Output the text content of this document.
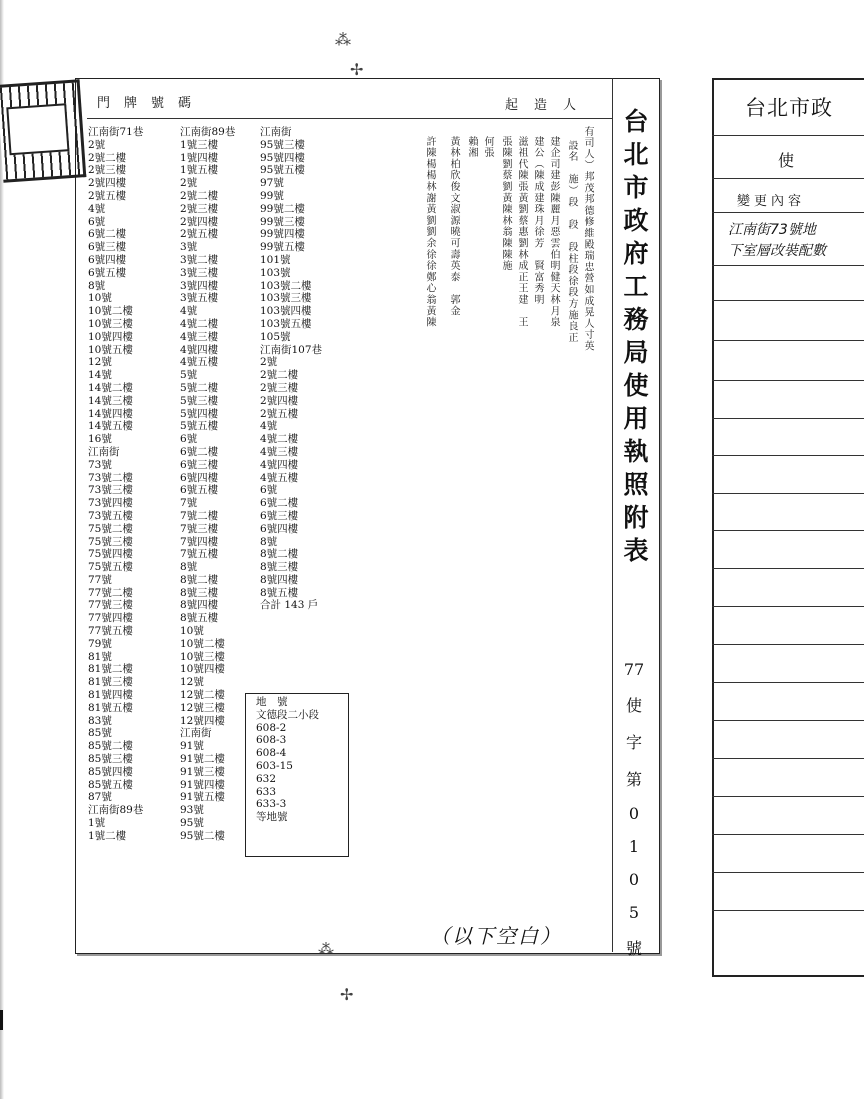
⁂
✢
⁂
✢
門牌號碼	起造人
江南街71巷
2號
2號二樓
2號三樓
2號四樓
2號五樓
4號
6號
6號二樓
6號三樓
6號四樓
6號五樓
8號
10號
10號二樓
10號三樓
10號四樓
10號五樓
12號
14號
14號二樓
14號三樓
14號四樓
14號五樓
16號
江南街
73號
73號二樓
73號三樓
73號四樓
73號五樓
75號二樓
75號三樓
75號四樓
75號五樓
77號
77號二樓
77號三樓
77號四樓
77號五樓
79號
81號
81號二樓
81號三樓
81號四樓
81號五樓
83號
85號
85號二樓
85號三樓
85號四樓
85號五樓
87號
江南街89巷
1號
1號二樓
江南街89巷
1號三樓
1號四樓
1號五樓
2號
2號二樓
2號三樓
2號四樓
2號五樓
3號
3號二樓
3號三樓
3號四樓
3號五樓
4號
4號二樓
4號三樓
4號四樓
4號五樓
5號
5號二樓
5號三樓
5號四樓
5號五樓
6號
6號二樓
6號三樓
6號四樓
6號五樓
7號
7號二樓
7號三樓
7號四樓
7號五樓
8號
8號二樓
8號三樓
8號四樓
8號五樓
10號
10號二樓
10號三樓
10號四樓
12號
12號二樓
12號三樓
12號四樓
江南街
91號
91號二樓
91號三樓
91號四樓
91號五樓
93號
95號
95號二樓
江南街
95號三樓
95號四樓
95號五樓
97號
99號
99號二樓
99號三樓
99號四樓
99號五樓
101號
103號
103號二樓
103號三樓
103號四樓
103號五樓
105號
江南街107巷
2號
2號二樓
2號三樓
2號四樓
2號五樓
4號
4號二樓
4號三樓
4號四樓
4號五樓
6號
6號二樓
6號三樓
6號四樓
8號
8號二樓
8號三樓
8號四樓
8號五樓
合計 143 戶
地　號
文德段二小段
608-2
608-3
608-4
603-15
632
633
633-3
等地號
有司人）邦茂邦德修維殿瑞忠營如成晃人寸英
設名　施）段　段　段柱段徐段方施良正
建企司建彭陳麗月惡雲伯明健天林月泉
建公（陳成建珠月徐芳　賢富秀明
滋祖代陳張黃劉蔡惠劉林成正王建　王
張陳劉蔡劉黃陳林翁陳陳施
何張
賴湘
黃林柏欣俊文淑源曉可壽英泰　郭金
許陳楊楊林謝黃劉劉余徐徐鄭心翁黃陳	台北市政府工務局使用執照附表
77
使
字
第
0
1
0
5
號
（以下空白）
台北市政
使
變更內容
江南街73號地
下室層改裝配數
